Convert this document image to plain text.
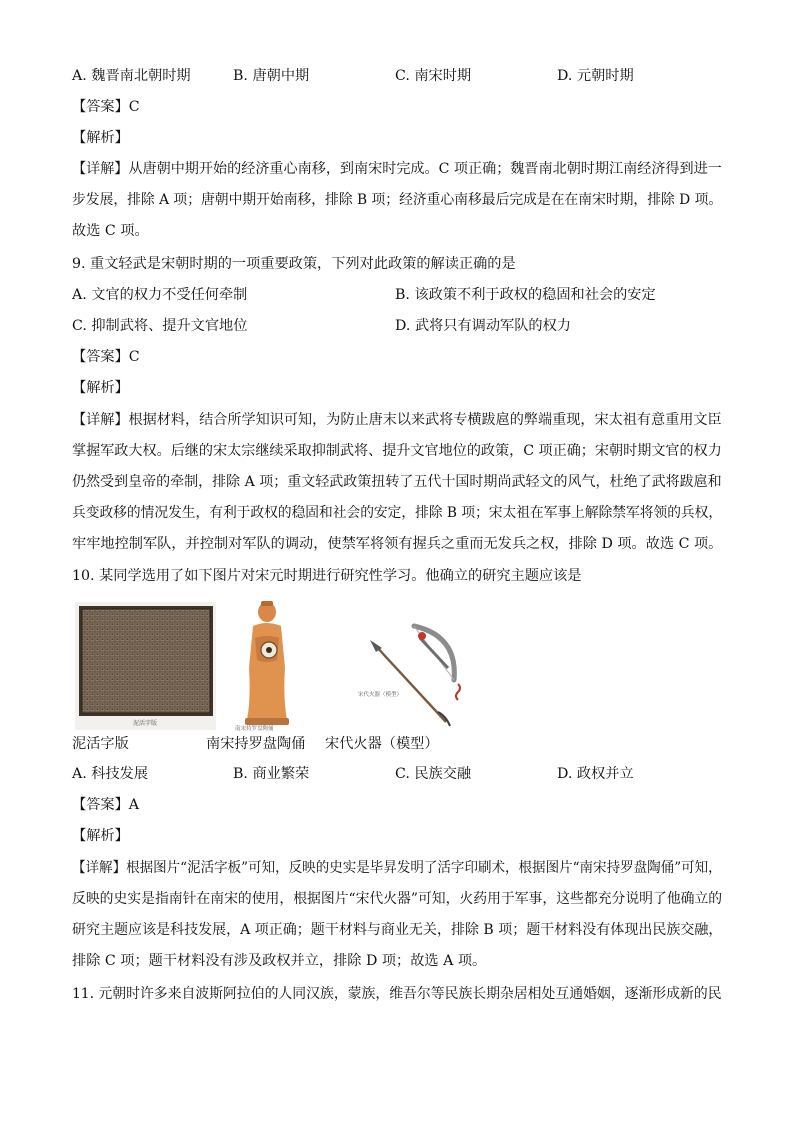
A. 魏晋南北朝时期	B. 唐朝中期	C. 南宋时期	D. 元朝时期
【答案】C
【解析】
【详解】从唐朝中期开始的经济重心南移，到南宋时完成。C 项正确；魏晋南北朝时期江南经济得到进一
步发展，排除 A 项；唐朝中期开始南移，排除 B 项；经济重心南移最后完成是在在南宋时期，排除 D 项。
故选 C 项。
9. 重文轻武是宋朝时期的一项重要政策，下列对此政策的解读正确的是
A. 文官的权力不受任何牵制	B. 该政策不利于政权的稳固和社会的安定
C. 抑制武将、提升文官地位	D. 武将只有调动军队的权力
【答案】C
【解析】
【详解】根据材料，结合所学知识可知，为防止唐末以来武将专横跋扈的弊端重现，宋太祖有意重用文臣
掌握军政大权。后继的宋太宗继续采取抑制武将、提升文官地位的政策，C 项正确；宋朝时期文官的权力
仍然受到皇帝的牵制，排除 A 项；重文轻武政策扭转了五代十国时期尚武轻文的风气，杜绝了武将跋扈和
兵变政移的情况发生，有利于政权的稳固和社会的安定，排除 B 项；宋太祖在军事上解除禁军将领的兵权，
牢牢地控制军队，并控制对军队的调动，使禁军将领有握兵之重而无发兵之权，排除 D 项。故选 C 项。
10. 某同学选用了如下图片对宋元时期进行研究性学习。他确立的研究主题应该是
泥活字版
南宋持罗盘陶俑
宋代火器（模型）
泥活字版	南宋持罗盘陶俑 宋代火器（模型）
A. 科技发展	B. 商业繁荣	C. 民族交融	D. 政权并立
【答案】A
【解析】
【详解】根据图片“泥活字板”可知，反映的史实是毕昇发明了活字印刷术，根据图片“南宋持罗盘陶俑”可知，
反映的史实是指南针在南宋的使用，根据图片“宋代火器”可知，火药用于军事，这些都充分说明了他确立的
研究主题应该是科技发展，A 项正确；题干材料与商业无关，排除 B 项；题干材料没有体现出民族交融，
排除 C 项；题干材料没有涉及政权并立，排除 D 项；故选 A 项。
11. 元朝时许多来自波斯阿拉伯的人同汉族，蒙族，维吾尔等民族长期杂居相处互通婚姻，逐渐形成新的民
